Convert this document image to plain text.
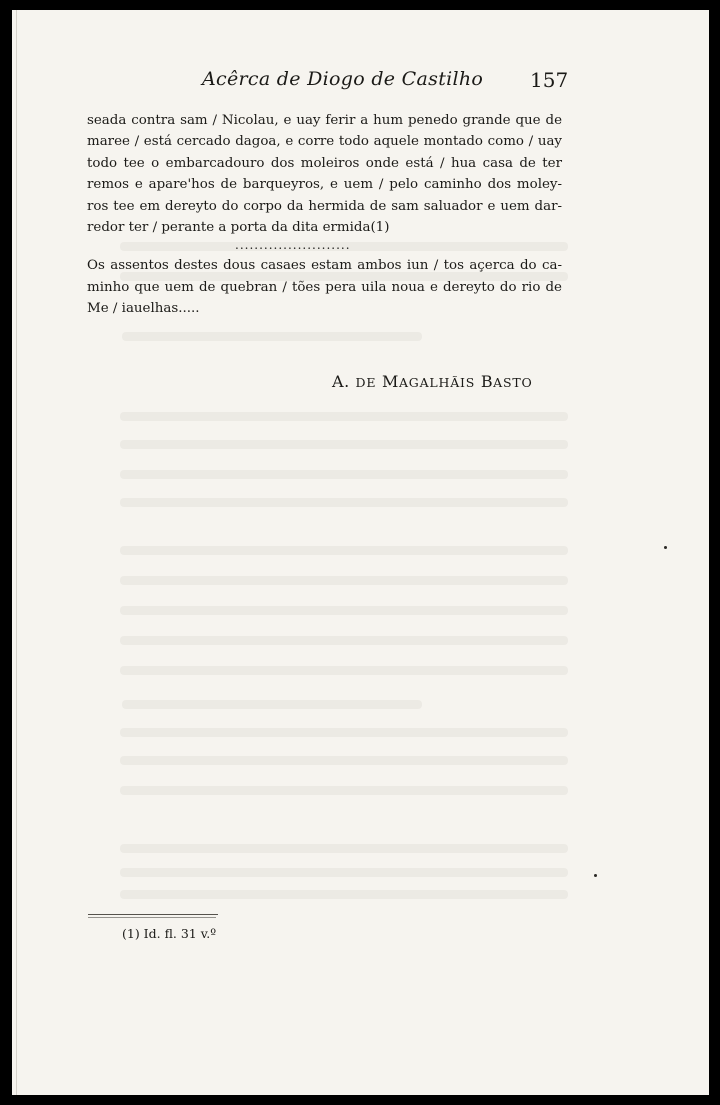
Acêrca de Diogo de Castilho 157

seada contra sam / Nicolau, e uay ferir a hum penedo grande que de
maree / está cercado dagoa, e corre todo aquele montado como / uay
todo tee o embarcadouro dos moleiros onde está / hua casa de ter
remos e apare'hos de barqueyros, e uem / pelo caminho dos moley-
ros tee em dereyto do corpo da hermida de sam saluador e uem dar-
redor ter / perante a porta da dita ermida(1)

........................

Os assentos destes dous casaes estam ambos iun / tos açerca do ca-
minho que uem de quebran / tões pera uila noua e dereyto do rio de
Me / iauelhas.....

A. DE MAGALHÃIS BASTO
(1) Id. fl. 31 v.º
